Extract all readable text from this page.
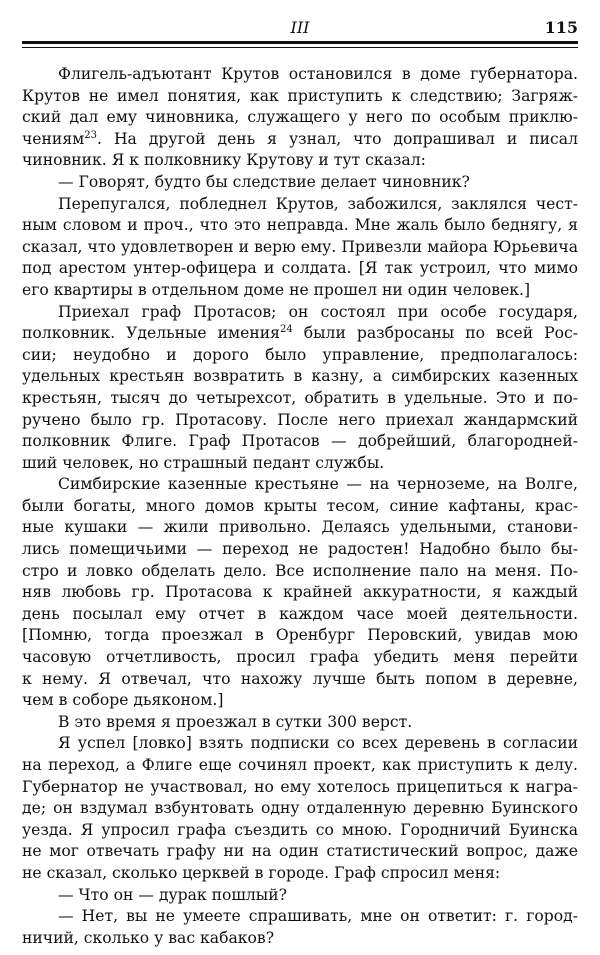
III	115
Флигель-адъютант Крутов остановился в доме губернатора.
Крутов не имел понятия, как приступить к следствию; Загряж-
ский дал ему чиновника, служащего у него по особым приклю-
чениям$^{23}$. На другой день я узнал, что допрашивал и писал
чиновник. Я к полковнику Крутову и тут сказал:
— Говорят, будто бы следствие делает чиновник?
Перепугался, побледнел Крутов, забожился, заклялся чест-
ным словом и проч., что это неправда. Мне жаль было беднягу, я
сказал, что удовлетворен и верю ему. Привезли майора Юрьевича
под арестом унтер-офицера и солдата. [Я так устроил, что мимо
его квартиры в отдельном доме не прошел ни один человек.]
Приехал граф Протасов; он состоял при особе государя,
полковник. Удельные имения$^{24}$ были разбросаны по всей Рос-
сии; неудобно и дорого было управление, предполагалось:
удельных крестьян возвратить в казну, а симбирских казенных
крестьян, тысяч до четырехсот, обратить в удельные. Это и по-
ручено было гр. Протасову. После него приехал жандармский
полковник Флиге. Граф Протасов — добрейший, благородней-
ший человек, но страшный педант службы.
Симбирские казенные крестьяне — на черноземе, на Волге,
были богаты, много домов крыты тесом, синие кафтаны, крас-
ные кушаки — жили привольно. Делаясь удельными, станови-
лись помещичьими — переход не радостен! Надобно было бы-
стро и ловко обделать дело. Все исполнение пало на меня. По-
няв любовь гр. Протасова к крайней аккуратности, я каждый
день посылал ему отчет в каждом часе моей деятельности.
[Помню, тогда проезжал в Оренбург Перовский, увидав мою
часовую отчетливость, просил графа убедить меня перейти
к нему. Я отвечал, что нахожу лучше быть попом в деревне,
чем в соборе дьяконом.]
В это время я проезжал в сутки 300 верст.
Я успел [ловко] взять подписки со всех деревень в согласии
на переход, а Флиге еще сочинял проект, как приступить к делу.
Губернатор не участвовал, но ему хотелось прицепиться к награ-
де; он вздумал взбунтовать одну отдаленную деревню Буинского
уезда. Я упросил графа съездить со мною. Городничий Буинска
не мог отвечать графу ни на один статистический вопрос, даже
не сказал, сколько церквей в городе. Граф спросил меня:
— Что он — дурак пошлый?
— Нет, вы не умеете спрашивать, мне он ответит: г. город-
ничий, сколько у вас кабаков?
